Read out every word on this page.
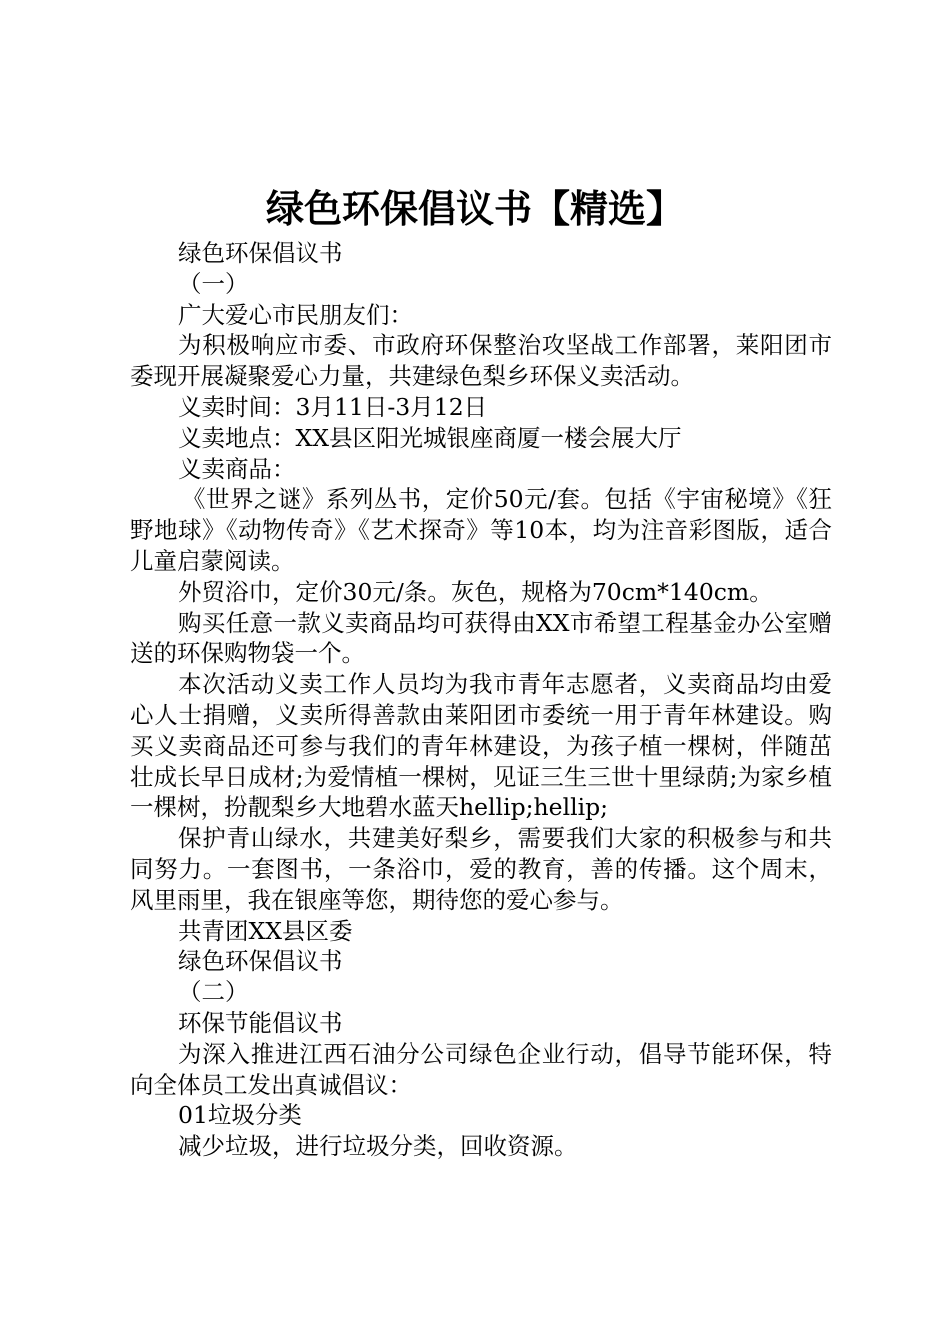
绿色环保倡议书【精选】

绿色环保倡议书

（一）

广大爱心市民朋友们：

为积极响应市委、市政府环保整治攻坚战工作部署，莱阳团市委现开展凝聚爱心力量，共建绿色梨乡环保义卖活动。

义卖时间：3月11日-3月12日

义卖地点：XX县区阳光城银座商厦一楼会展大厅

义卖商品：

《世界之谜》系列丛书，定价50元/套。包括《宇宙秘境》《狂野地球》《动物传奇》《艺术探奇》等10本，均为注音彩图版，适合儿童启蒙阅读。

外贸浴巾，定价30元/条。灰色，规格为70cm*140cm。

购买任意一款义卖商品均可获得由XX市希望工程基金办公室赠送的环保购物袋一个。

本次活动义卖工作人员均为我市青年志愿者，义卖商品均由爱心人士捐赠，义卖所得善款由莱阳团市委统一用于青年林建设。购买义卖商品还可参与我们的青年林建设，为孩子植一棵树，伴随茁壮成长早日成材;为爱情植一棵树，见证三生三世十里绿荫;为家乡植一棵树，扮靓梨乡大地碧水蓝天hellip;hellip;

保护青山绿水，共建美好梨乡，需要我们大家的积极参与和共同努力。一套图书，一条浴巾，爱的教育，善的传播。这个周末，风里雨里，我在银座等您，期待您的爱心参与。

共青团XX县区委

绿色环保倡议书

（二）

环保节能倡议书

为深入推进江西石油分公司绿色企业行动，倡导节能环保，特向全体员工发出真诚倡议：

01垃圾分类

减少垃圾，进行垃圾分类，回收资源。
